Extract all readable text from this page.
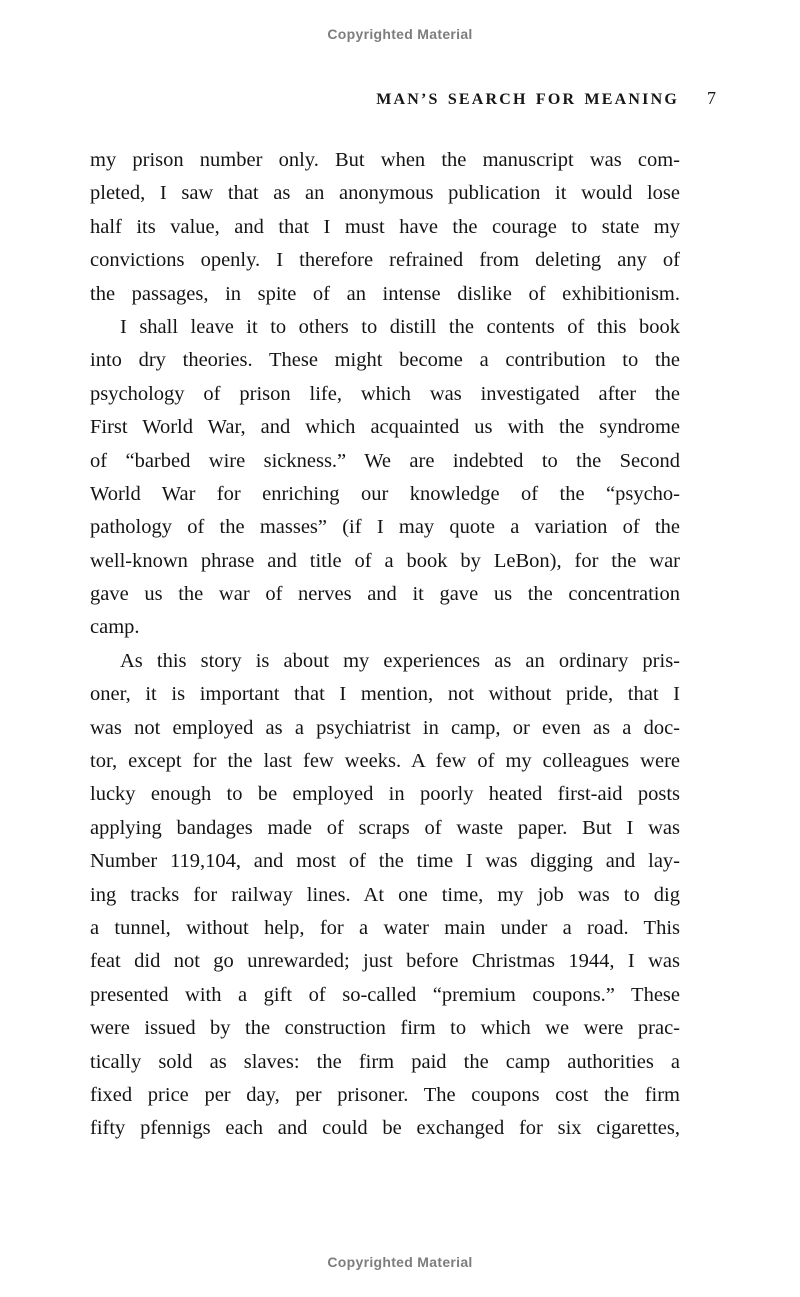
Copyrighted Material
MAN’S SEARCH FOR MEANING 7
my prison number only. But when the manuscript was com-
pleted, I saw that as an anonymous publication it would lose
half its value, and that I must have the courage to state my
convictions openly. I therefore refrained from deleting any of
the passages, in spite of an intense dislike of exhibitionism.
I shall leave it to others to distill the contents of this book
into dry theories. These might become a contribution to the
psychology of prison life, which was investigated after the
First World War, and which acquainted us with the syndrome
of “barbed wire sickness.” We are indebted to the Second
World War for enriching our knowledge of the “psycho-
pathology of the masses” (if I may quote a variation of the
well-known phrase and title of a book by LeBon), for the war
gave us the war of nerves and it gave us the concentration
camp.
As this story is about my experiences as an ordinary pris-
oner, it is important that I mention, not without pride, that I
was not employed as a psychiatrist in camp, or even as a doc-
tor, except for the last few weeks. A few of my colleagues were
lucky enough to be employed in poorly heated first-aid posts
applying bandages made of scraps of waste paper. But I was
Number 119,104, and most of the time I was digging and lay-
ing tracks for railway lines. At one time, my job was to dig
a tunnel, without help, for a water main under a road. This
feat did not go unrewarded; just before Christmas 1944, I was
presented with a gift of so-called “premium coupons.” These
were issued by the construction firm to which we were prac-
tically sold as slaves: the firm paid the camp authorities a
fixed price per day, per prisoner. The coupons cost the firm
fifty pfennigs each and could be exchanged for six cigarettes,
Copyrighted Material
